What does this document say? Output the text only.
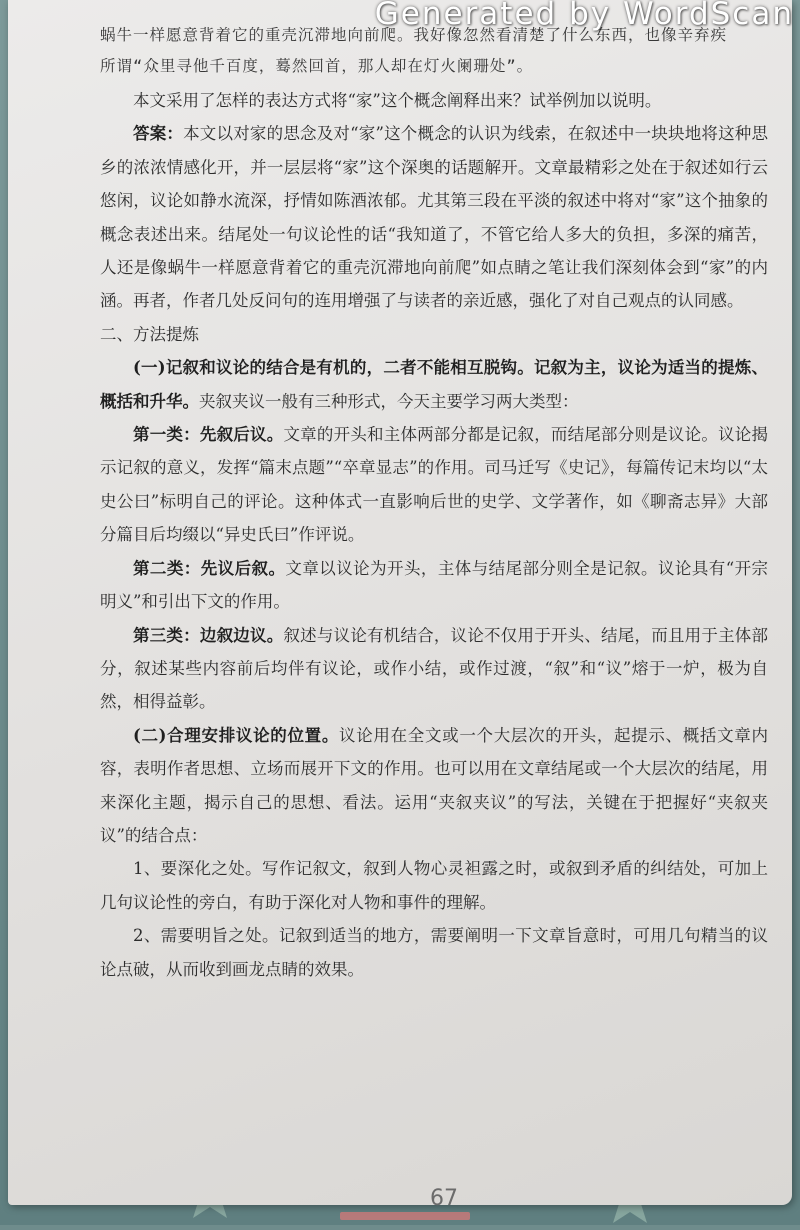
Generated by WordScan

蜗牛一样愿意背着它的重壳沉滞地向前爬。我好像忽然看清楚了什么东西，也像辛弃疾

所谓“众里寻他千百度，蓦然回首，那人却在灯火阑珊处”。

本文采用了怎样的表达方式将“家”这个概念阐释出来？试举例加以说明。

答案：本文以对家的思念及对“家”这个概念的认识为线索，在叙述中一块块地将这种思乡的浓浓情感化开，并一层层将“家”这个深奥的话题解开。文章最精彩之处在于叙述如行云悠闲，议论如静水流深，抒情如陈酒浓郁。尤其第三段在平淡的叙述中将对“家”这个抽象的概念表述出来。结尾处一句议论性的话“我知道了，不管它给人多大的负担，多深的痛苦，人还是像蜗牛一样愿意背着它的重壳沉滞地向前爬”如点睛之笔让我们深刻体会到“家”的内涵。再者，作者几处反问句的连用增强了与读者的亲近感，强化了对自己观点的认同感。

二、方法提炼

(一)记叙和议论的结合是有机的，二者不能相互脱钩。记叙为主，议论为适当的提炼、概括和升华。夹叙夹议一般有三种形式，今天主要学习两大类型：

第一类：先叙后议。文章的开头和主体两部分都是记叙，而结尾部分则是议论。议论揭示记叙的意义，发挥“篇末点题”“卒章显志”的作用。司马迁写《史记》，每篇传记末均以“太史公曰”标明自己的评论。这种体式一直影响后世的史学、文学著作，如《聊斋志异》大部分篇目后均缀以“异史氏曰”作评说。

第二类：先议后叙。文章以议论为开头，主体与结尾部分则全是记叙。议论具有“开宗明义”和引出下文的作用。

第三类：边叙边议。叙述与议论有机结合，议论不仅用于开头、结尾，而且用于主体部分，叙述某些内容前后均伴有议论，或作小结，或作过渡，“叙”和“议”熔于一炉，极为自然，相得益彰。

(二)合理安排议论的位置。议论用在全文或一个大层次的开头，起提示、概括文章内容，表明作者思想、立场而展开下文的作用。也可以用在文章结尾或一个大层次的结尾，用来深化主题，揭示自己的思想、看法。运用“夹叙夹议”的写法，关键在于把握好“夹叙夹议”的结合点：

1、要深化之处。写作记叙文，叙到人物心灵袒露之时，或叙到矛盾的纠结处，可加上几句议论性的旁白，有助于深化对人物和事件的理解。

2、需要明旨之处。记叙到适当的地方，需要阐明一下文章旨意时，可用几句精当的议论点破，从而收到画龙点睛的效果。

67
